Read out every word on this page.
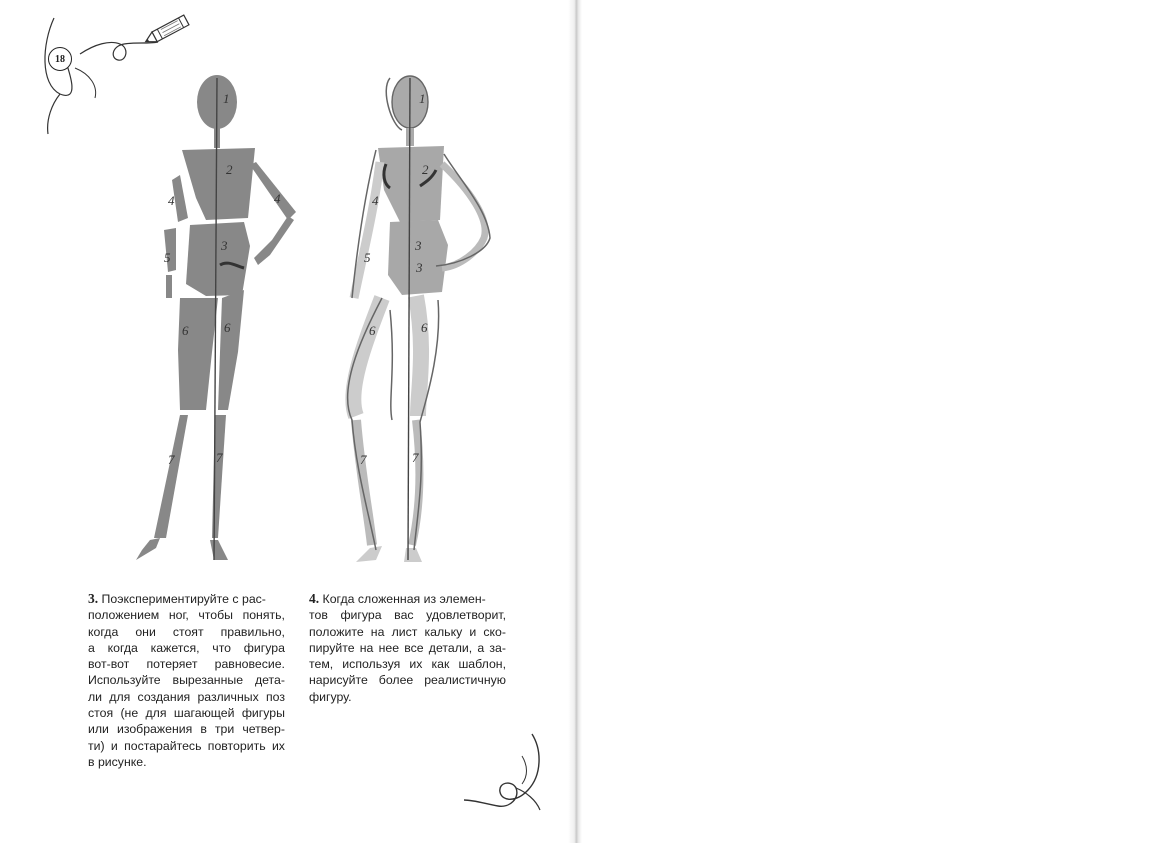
18
1
2
4	4
3
5
6	6
7	7
1
2
4
3
3
5
6	6
7	7
3. Поэкспериментируйте с рас-
положением ног, чтобы понять,
когда они стоят правильно,
а когда кажется, что фигура
вот-вот потеряет равновесие.
Используйте вырезанные дета-
ли для создания различных поз
стоя (не для шагающей фигуры
или изображения в три четвер-
ти) и постарайтесь повторить их
в рисунке.
4. Когда сложенная из элемен-
тов фигура вас удовлетворит,
положите на лист кальку и ско-
пируйте на нее все детали, а за-
тем, используя их как шаблон,
нарисуйте более реалистичную
фигуру.
